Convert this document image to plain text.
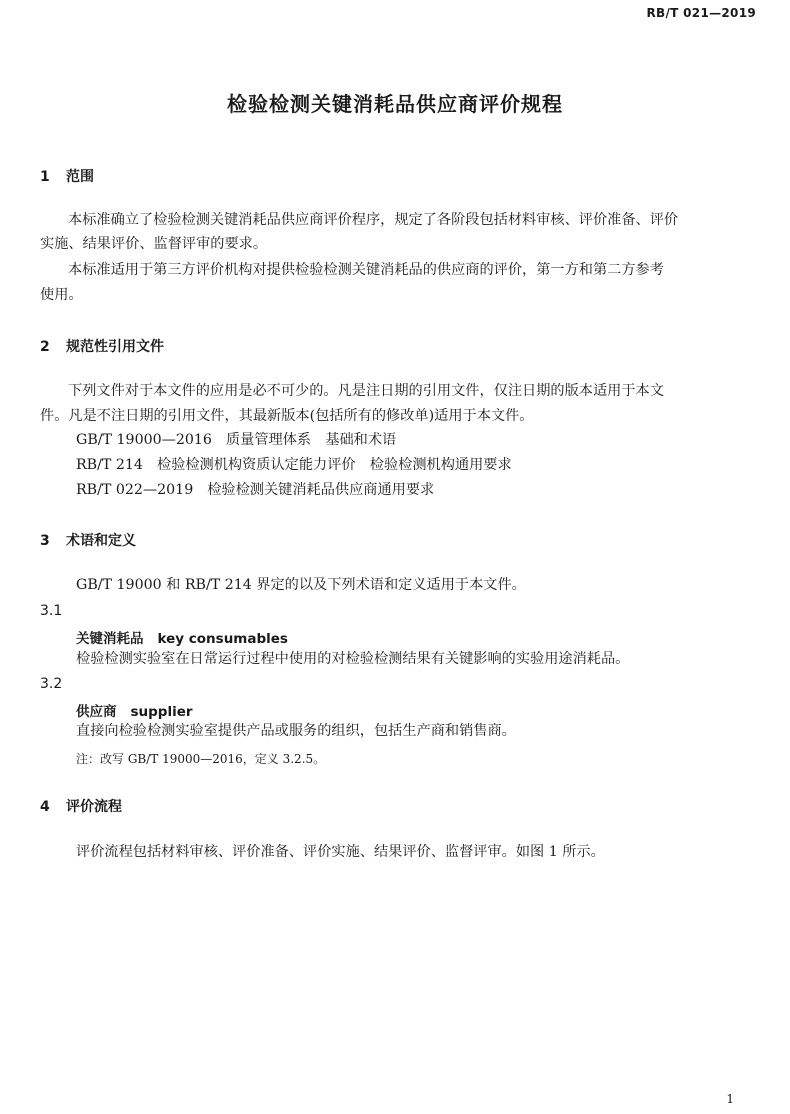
RB/T 021—2019
检验检测关键消耗品供应商评价规程
1 范围
本标准确立了检验检测关键消耗品供应商评价程序，规定了各阶段包括材料审核、评价准备、评价
实施、结果评价、监督评审的要求。
本标准适用于第三方评价机构对提供检验检测关键消耗品的供应商的评价，第一方和第二方参考
使用。
2 规范性引用文件
下列文件对于本文件的应用是必不可少的。凡是注日期的引用文件，仅注日期的版本适用于本文
件。凡是不注日期的引用文件，其最新版本(包括所有的修改单)适用于本文件。
GB/T 19000—2016 质量管理体系　基础和术语
RB/T 214 检验检测机构资质认定能力评价　检验检测机构通用要求
RB/T 022—2019 检验检测关键消耗品供应商通用要求
3 术语和定义
GB/T 19000 和 RB/T 214 界定的以及下列术语和定义适用于本文件。
3.1
关键消耗品 key consumables
检验检测实验室在日常运行过程中使用的对检验检测结果有关键影响的实验用途消耗品。
3.2
供应商 supplier
直接向检验检测实验室提供产品或服务的组织，包括生产商和销售商。
注：改写 GB/T 19000—2016，定义 3.2.5。
4 评价流程
评价流程包括材料审核、评价准备、评价实施、结果评价、监督评审。如图 1 所示。
1
